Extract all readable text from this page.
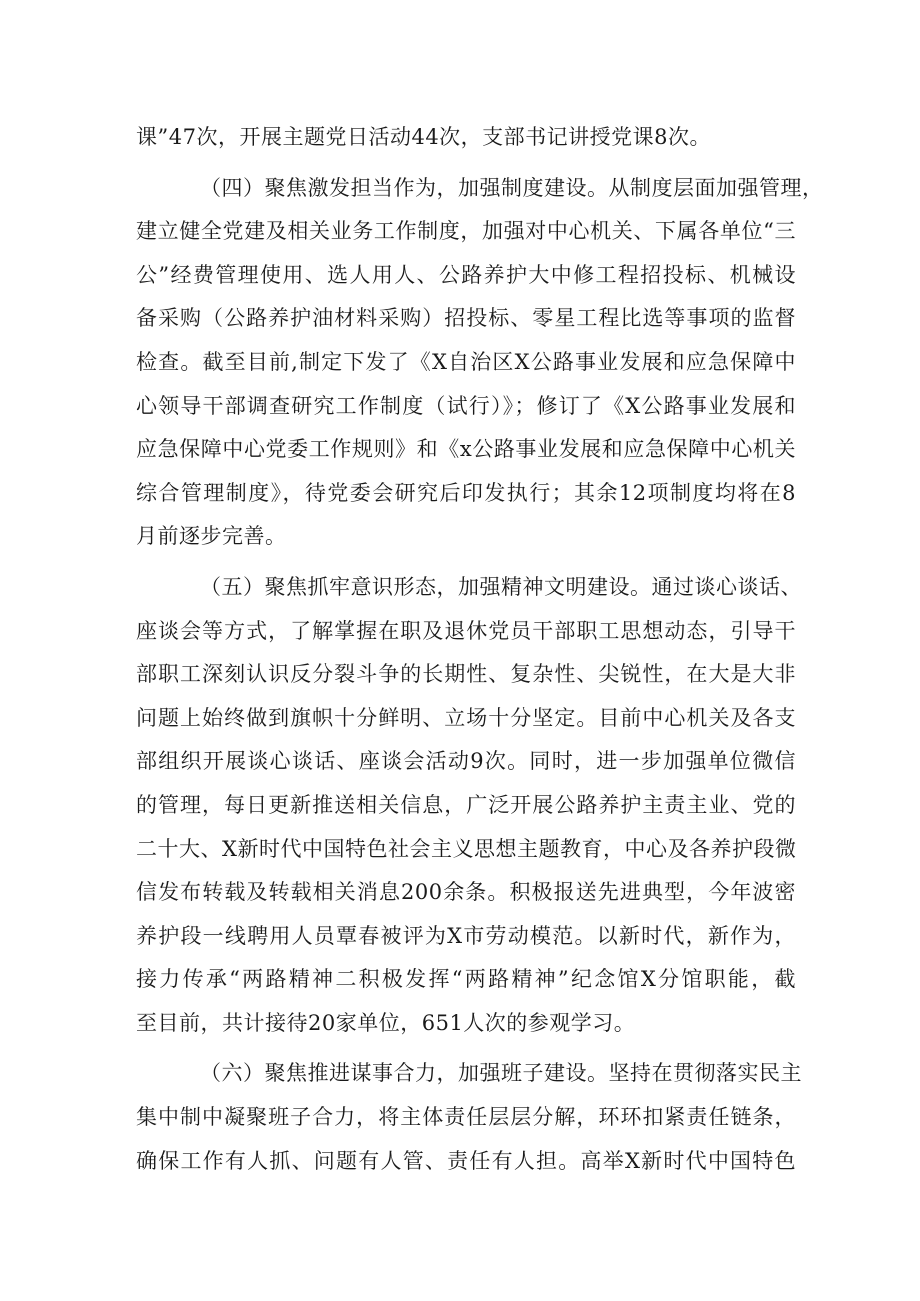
课”47次，开展主题党日活动44次，支部书记讲授党课8次。
（四）聚焦激发担当作为，加强制度建设。从制度层面加强管理，
建立健全党建及相关业务工作制度，加强对中心机关、下属各单位“三
公”经费管理使用、选人用人、公路养护大中修工程招投标、机械设
备采购（公路养护油材料采购）招投标、零星工程比选等事项的监督
检查。截至目前,制定下发了《X自治区X公路事业发展和应急保障中
心领导干部调查研究工作制度（试行）》；修订了《X公路事业发展和
应急保障中心党委工作规则》和《x公路事业发展和应急保障中心机关
综合管理制度》，待党委会研究后印发执行；其余12项制度均将在8
月前逐步完善。
（五）聚焦抓牢意识形态，加强精神文明建设。通过谈心谈话、
座谈会等方式，了解掌握在职及退休党员干部职工思想动态，引导干
部职工深刻认识反分裂斗争的长期性、复杂性、尖锐性，在大是大非
问题上始终做到旗帜十分鲜明、立场十分坚定。目前中心机关及各支
部组织开展谈心谈话、座谈会活动9次。同时，进一步加强单位微信
的管理，每日更新推送相关信息，广泛开展公路养护主责主业、党的
二十大、X新时代中国特色社会主义思想主题教育，中心及各养护段微
信发布转载及转载相关消息200余条。积极报送先进典型，今年波密
养护段一线聘用人员覃春被评为X市劳动模范。以新时代，新作为，
接力传承“两路精神二积极发挥“两路精神”纪念馆X分馆职能，截
至目前，共计接待20家单位，651人次的参观学习。
（六）聚焦推进谋事合力，加强班子建设。坚持在贯彻落实民主
集中制中凝聚班子合力，将主体责任层层分解，环环扣紧责任链条，
确保工作有人抓、问题有人管、责任有人担。高举X新时代中国特色
